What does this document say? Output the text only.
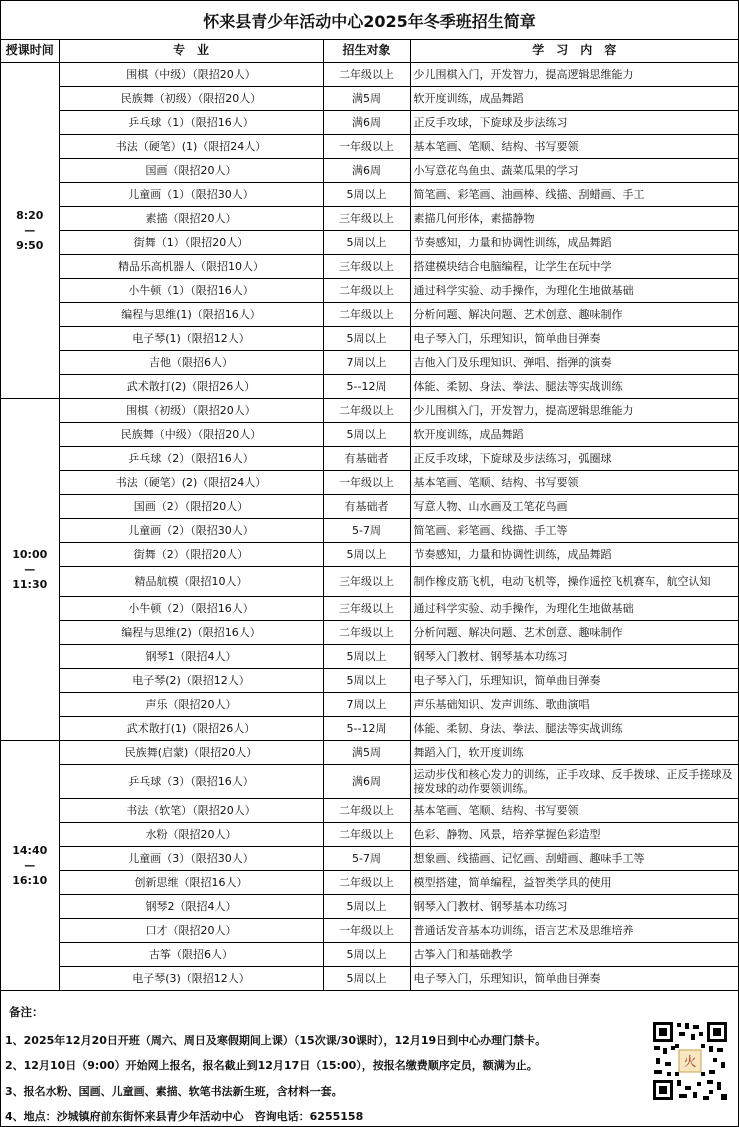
怀来县青少年活动中心2025年冬季班招生简章
授课时间	专　业	招生对象	学　习　内　容

8:20
—
9:50	围棋（中级）（限招20人）	二年级以上	少儿围棋入门，开发智力，提高逻辑思维能力
	民族舞（初级）（限招20人）	满5周	软开度训练，成品舞蹈
	乒乓球（1）（限招16人）	满6周	正反手攻球，下旋球及步法练习
	书法（硬笔）(1)（限招24人）	一年级以上	基本笔画、笔顺、结构、书写要领
	国画（限招20人）	满6周	小写意花鸟鱼虫、蔬菜瓜果的学习
	儿童画（1）（限招30人）	5周以上	简笔画、彩笔画、油画棒、线描、刮蜡画、手工
	素描（限招20人）	三年级以上	素描几何形体，素描静物
	街舞（1）（限招20人）	5周以上	节奏感知，力量和协调性训练，成品舞蹈
	精品乐高机器人（限招10人）	三年级以上	搭建模块结合电脑编程，让学生在玩中学
	小牛顿（1）（限招16人）	二年级以上	通过科学实验、动手操作，为理化生地做基础
	编程与思维(1)（限招16人）	二年级以上	分析问题、解决问题、艺术创意、趣味制作
	电子琴(1)（限招12人）	5周以上	电子琴入门，乐理知识，简单曲目弹奏
	吉他（限招6人）	7周以上	吉他入门及乐理知识、弹唱、指弹的演奏
	武术散打(2)（限招26人）	5--12周	体能、柔韧、身法、拳法、腿法等实战训练

10:00
—
11:30	围棋（初级）（限招20人）	二年级以上	少儿围棋入门，开发智力，提高逻辑思维能力
	民族舞（中级）（限招20人）	5周以上	软开度训练，成品舞蹈
	乒乓球（2）（限招16人）	有基础者	正反手攻球，下旋球及步法练习，弧圈球
	书法（硬笔）(2)（限招24人）	一年级以上	基本笔画、笔顺、结构、书写要领
	国画（2）（限招20人）	有基础者	写意人物、山水画及工笔花鸟画
	儿童画（2）（限招30人）	5-7周	简笔画、彩笔画、线描、手工等
	街舞（2）（限招20人）	5周以上	节奏感知，力量和协调性训练，成品舞蹈
	精品航模（限招10人）	三年级以上	制作橡皮筋飞机，电动飞机等，操作遥控飞机赛车，航空认知
	小牛顿（2）（限招16人）	三年级以上	通过科学实验、动手操作，为理化生地做基础
	编程与思维(2)（限招16人）	二年级以上	分析问题、解决问题、艺术创意、趣味制作
	钢琴1（限招4人）	5周以上	钢琴入门教材、钢琴基本功练习
	电子琴(2)（限招12人）	5周以上	电子琴入门，乐理知识，简单曲目弹奏
	声乐（限招20人）	7周以上	声乐基础知识、发声训练、歌曲演唱
	武术散打(1)（限招26人）	5--12周	体能、柔韧、身法、拳法、腿法等实战训练

14:40
—
16:10	民族舞(启蒙)（限招20人）	满5周	舞蹈入门，软开度训练
	乒乓球（3）（限招16人）	满6周	运动步伐和核心发力的训练，正手攻球、反手拨球、正反手搓球及接发球的动作要领训练。
	书法（软笔）（限招20人）	二年级以上	基本笔画、笔顺、结构、书写要领
	水粉（限招20人）	二年级以上	色彩、静物、风景，培养掌握色彩造型
	儿童画（3）（限招30人）	5-7周	想象画、线描画、记忆画、刮蜡画、趣味手工等
	创新思维（限招16人）	二年级以上	模型搭建，简单编程，益智类学具的使用
	钢琴2（限招4人）	5周以上	钢琴入门教材、钢琴基本功练习
	口才（限招20人）	一年级以上	普通话发音基本功训练，语言艺术及思维培养
	古筝（限招6人）	5周以上	古筝入门和基础教学
	电子琴(3)（限招12人）	5周以上	电子琴入门，乐理知识，简单曲目弹奏
备注：
1、2025年12月20日开班（周六、周日及寒假期间上课）（15次课/30课时），12月19日到中心办理门禁卡。
2、12月10日（9:00）开始网上报名，报名截止到12月17日（15:00），按报名缴费顺序定员，额满为止。
3、报名水粉、国画、儿童画、素描、软笔书法新生班，含材料一套。
4、地点：沙城镇府前东街怀来县青少年活动中心　咨询电话：6255158
火
